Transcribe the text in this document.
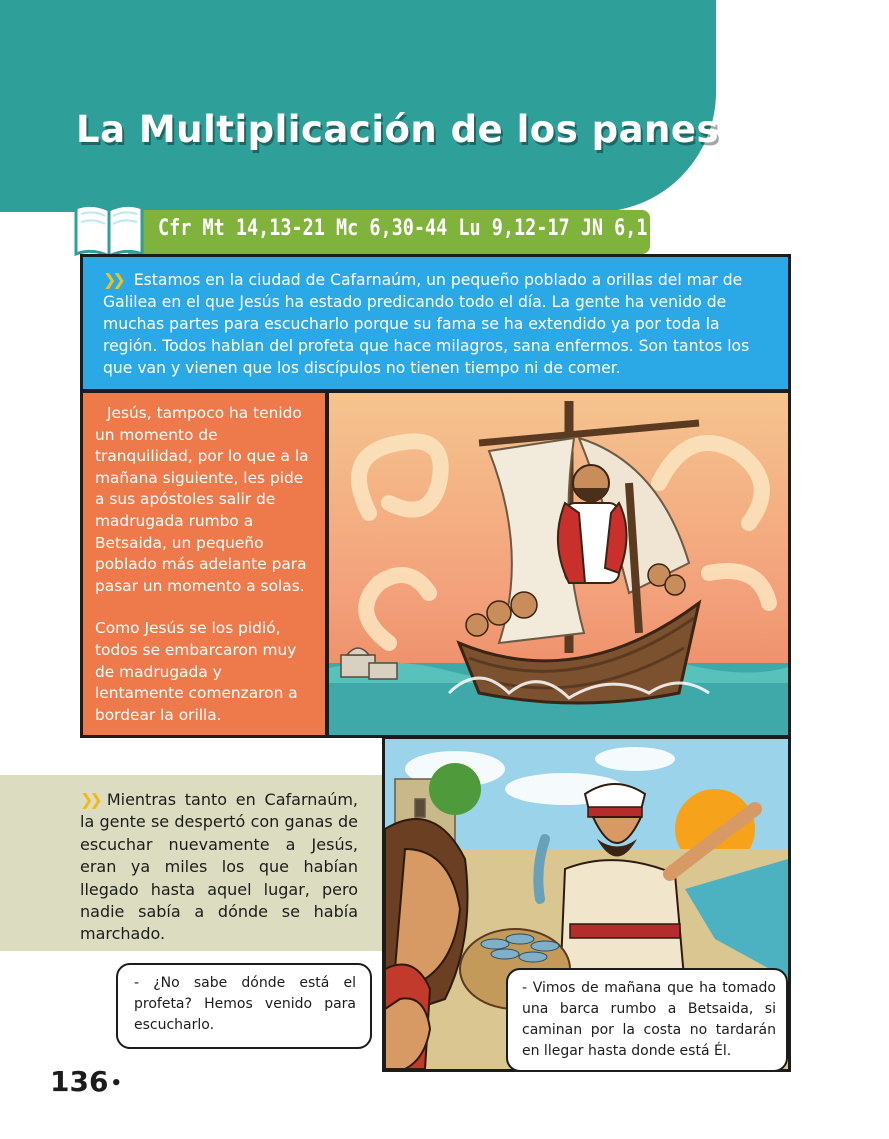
La Multiplicación de los panes
Cfr Mt 14,13-21 Mc 6,30-44 Lu 9,12-17 JN 6,1-13
❯❯ Estamos en la ciudad de Cafarnaúm, un pequeño poblado a orillas del mar de Galilea en el que Jesús ha estado predicando todo el día. La gente ha venido de muchas partes para escucharlo porque su fama se ha extendido ya por toda la región. Todos hablan del profeta que hace milagros, sana enfermos. Son tantos los que van y vienen que los discípulos no tienen tiempo ni de comer.

Jesús, tampoco ha tenido un momento de tranquilidad, por lo que a la mañana siguiente, les pide a sus apóstoles salir de madrugada rumbo a Betsaida, un pequeño poblado más adelante para pasar un momento a solas.

Como Jesús se los pidió, todos se embarcaron muy de madrugada y lentamente comenzaron a bordear la orilla.

❯❯ Mientras tanto en Cafarnaúm, la gente se despertó con ganas de escuchar nuevamente a Jesús, eran ya miles los que habían llegado hasta aquel lugar, pero nadie sabía a dónde se había marchado.
- ¿No sabe dónde está el profeta? Hemos venido para escucharlo.
- Vimos de mañana que ha tomado una barca rumbo a Betsaida, si caminan por la costa no tardarán en llegar hasta donde está Él.
136 •
